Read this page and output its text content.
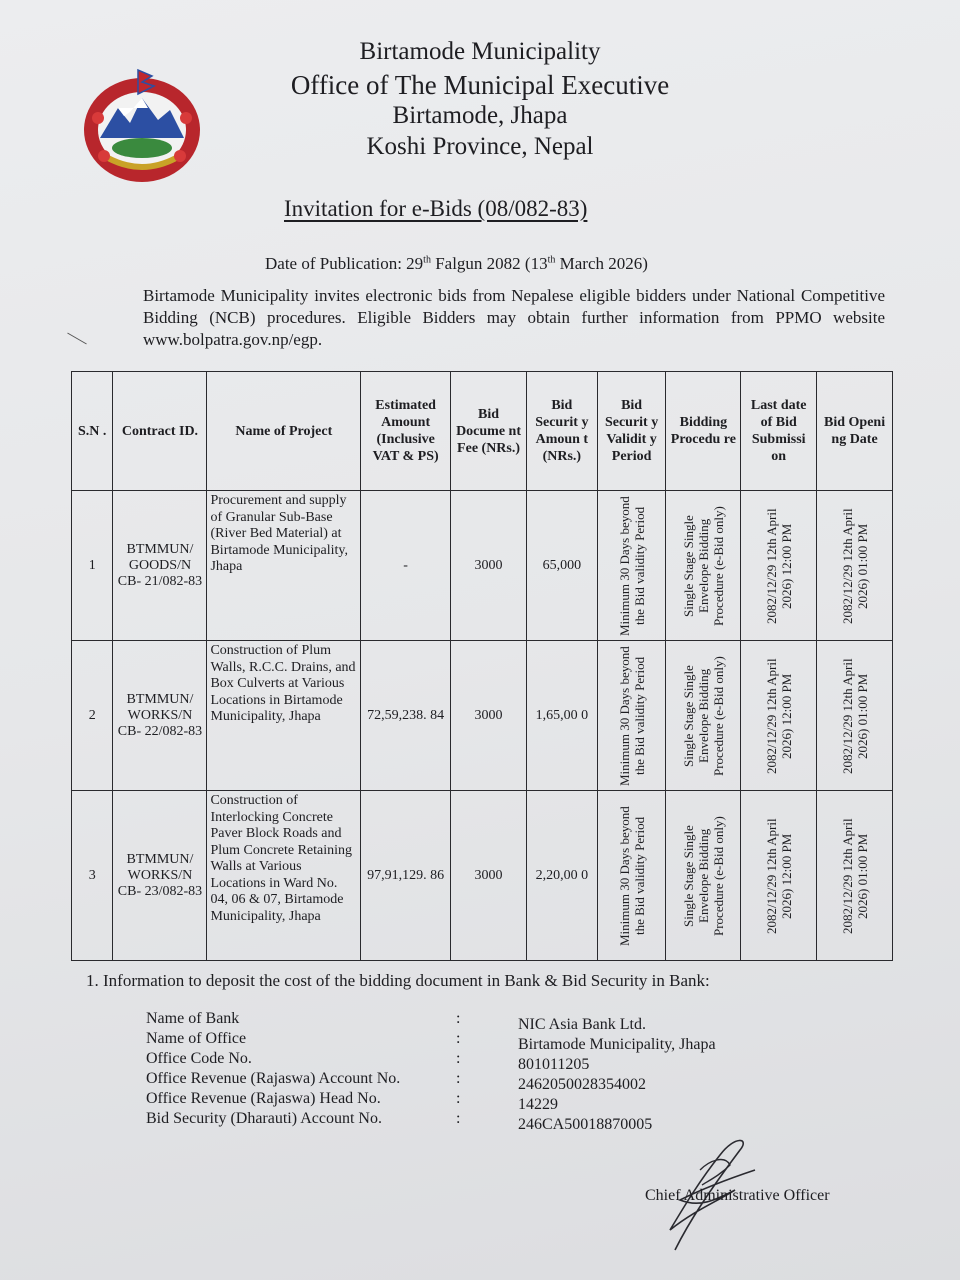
Birtamode Municipality
Office of The Municipal Executive
Birtamode, Jhapa
Koshi Province, Nepal
Invitation for e-Bids (08/082-83)
Date of Publication: 29th Falgun 2082 (13th March 2026)
Birtamode Municipality invites electronic bids from Nepalese eligible bidders under National Competitive Bidding (NCB) procedures. Eligible Bidders may obtain further information from PPMO website www.bolpatra.gov.np/egp.
S.N .	Contract ID.	Name of Project	Estimated Amount (Inclusive VAT & PS)	Bid Docume nt Fee (NRs.)	Bid Securit y Amoun t (NRs.)	Bid Securit y Validit y Period	Bidding Procedu re	Last date of Bid Submissi on	Bid Openi ng Date
1	BTMMUN/ GOODS/N CB- 21/082-83	Procurement and supply of Granular Sub-Base (River Bed Material) at Birtamode Municipality, Jhapa	-	3000	65,000	Minimum 30 Days beyond the Bid validity Period	Single Stage Single Envelope Bidding Procedure (e-Bid only)	2082/12/29 12th April 2026) 12:00 PM	2082/12/29 12th April 2026) 01:00 PM

2	BTMMUN/ WORKS/N CB- 22/082-83	Construction of Plum Walls, R.C.C. Drains, and Box Culverts at Various Locations in Birtamode Municipality, Jhapa	72,59,238. 84	3000	1,65,00 0	Minimum 30 Days beyond the Bid validity Period	Single Stage Single Envelope Bidding Procedure (e-Bid only)	2082/12/29 12th April 2026) 12:00 PM	2082/12/29 12th April 2026) 01:00 PM

3	BTMMUN/ WORKS/N CB- 23/082-83	Construction of Interlocking Concrete Paver Block Roads and Plum Concrete Retaining Walls at Various Locations in Ward No. 04, 06 & 07, Birtamode Municipality, Jhapa	97,91,129. 86	3000	2,20,00 0	Minimum 30 Days beyond the Bid validity Period	Single Stage Single Envelope Bidding Procedure (e-Bid only)	2082/12/29 12th April 2026) 12:00 PM	2082/12/29 12th April 2026) 01:00 PM
1. Information to deposit the cost of the bidding document in Bank & Bid Security in Bank:
Name of Bank	:	NIC Asia Bank Ltd.
Name of Office	:	Birtamode Municipality, Jhapa
Office Code No.	:	801011205
Office Revenue (Rajaswa) Account No.	:	2462050028354002
Office Revenue (Rajaswa) Head No.	:	14229
Bid Security (Dharauti) Account No.	:	246CA50018870005
Chief Administrative Officer
